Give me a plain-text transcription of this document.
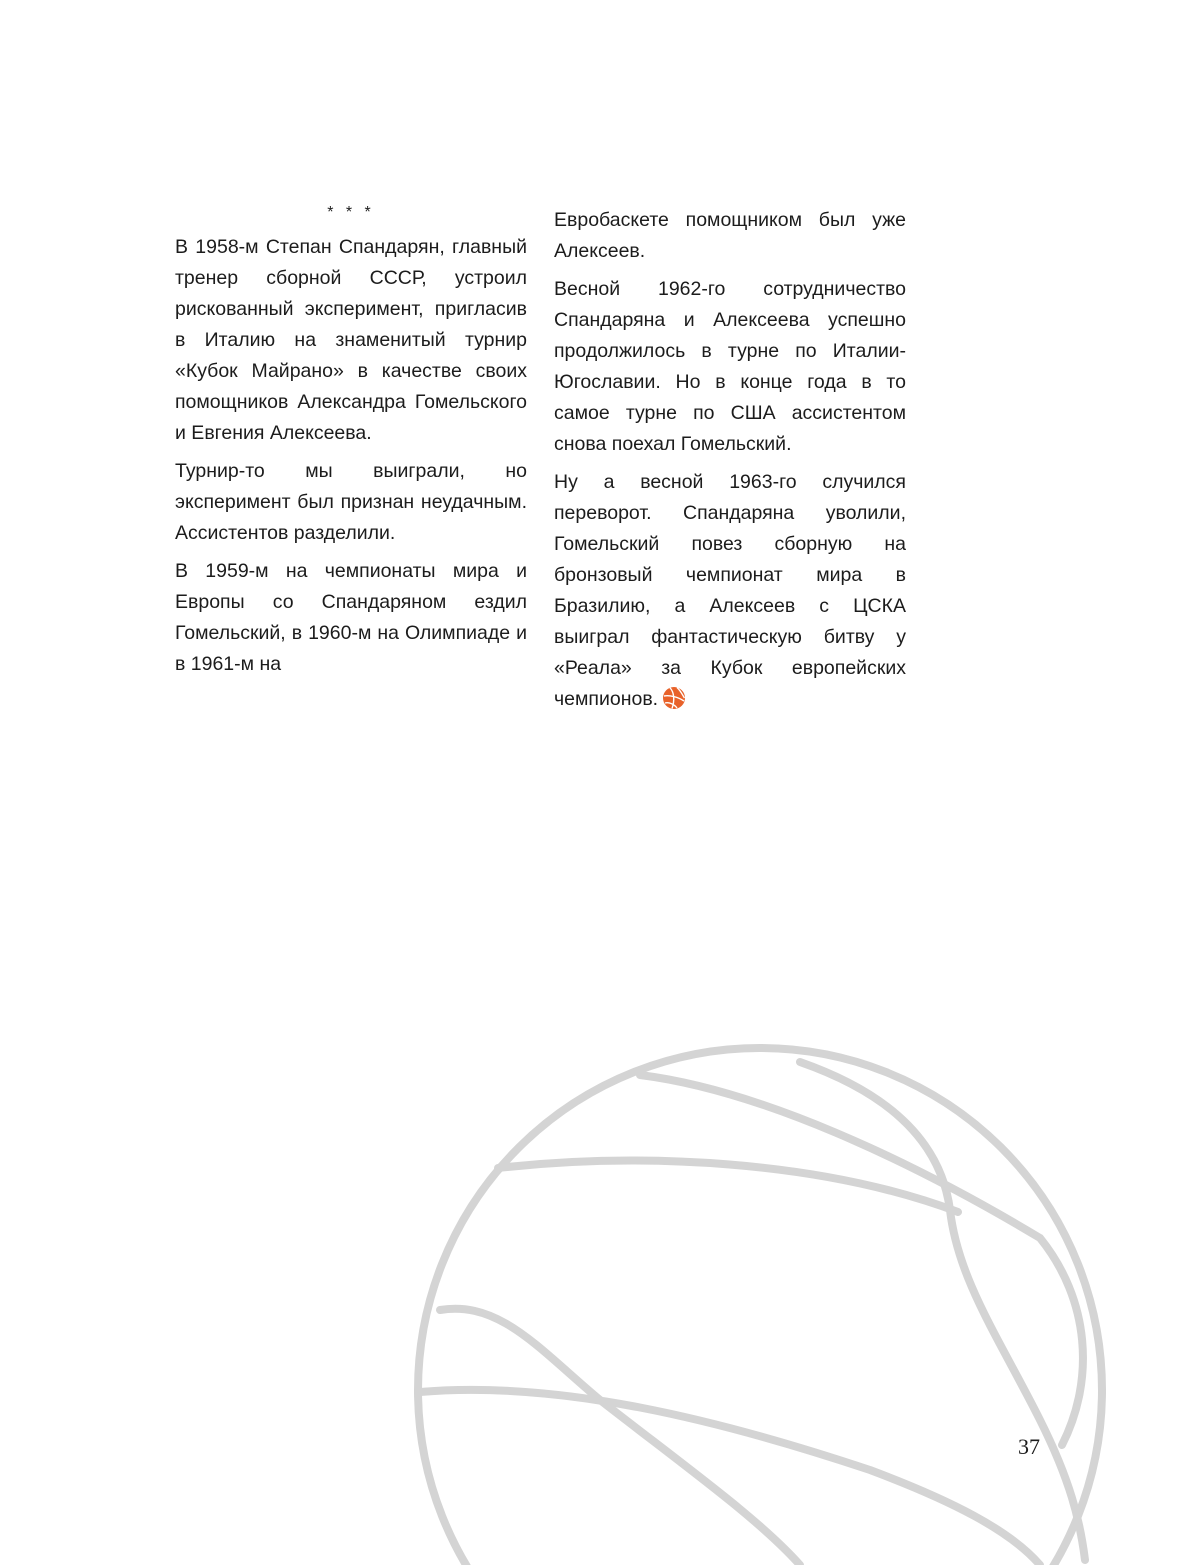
* * *

В 1958-м Степан Спандарян, главный тренер сборной СССР, устроил рискованный эксперимент, пригласив в Италию на знаменитый турнир «Кубок Майрано» в качестве своих помощников Александра Гомельского и Евгения Алексеева.

Турнир-то мы выиграли, но эксперимент был признан неудачным. Ассистентов разделили.

В 1959-м на чемпионаты мира и Европы со Спандаряном ездил Гомельский, в 1960-м на Олимпиаде и в 1961-м на

Евробаскете помощником был уже Алексеев.

Весной 1962-го сотрудничество Спандаряна и Алексеева успешно продолжилось в турне по Италии-Югославии. Но в конце года в то самое турне по США ассистентом снова поехал Гомельский.

Ну а весной 1963-го случился переворот. Спандаряна уволили, Гомельский повез сборную на бронзовый чемпионат мира в Бразилию, а Алексеев с ЦСКА выиграл фантастическую битву у «Реала» за Кубок европейских чемпионов.

37
